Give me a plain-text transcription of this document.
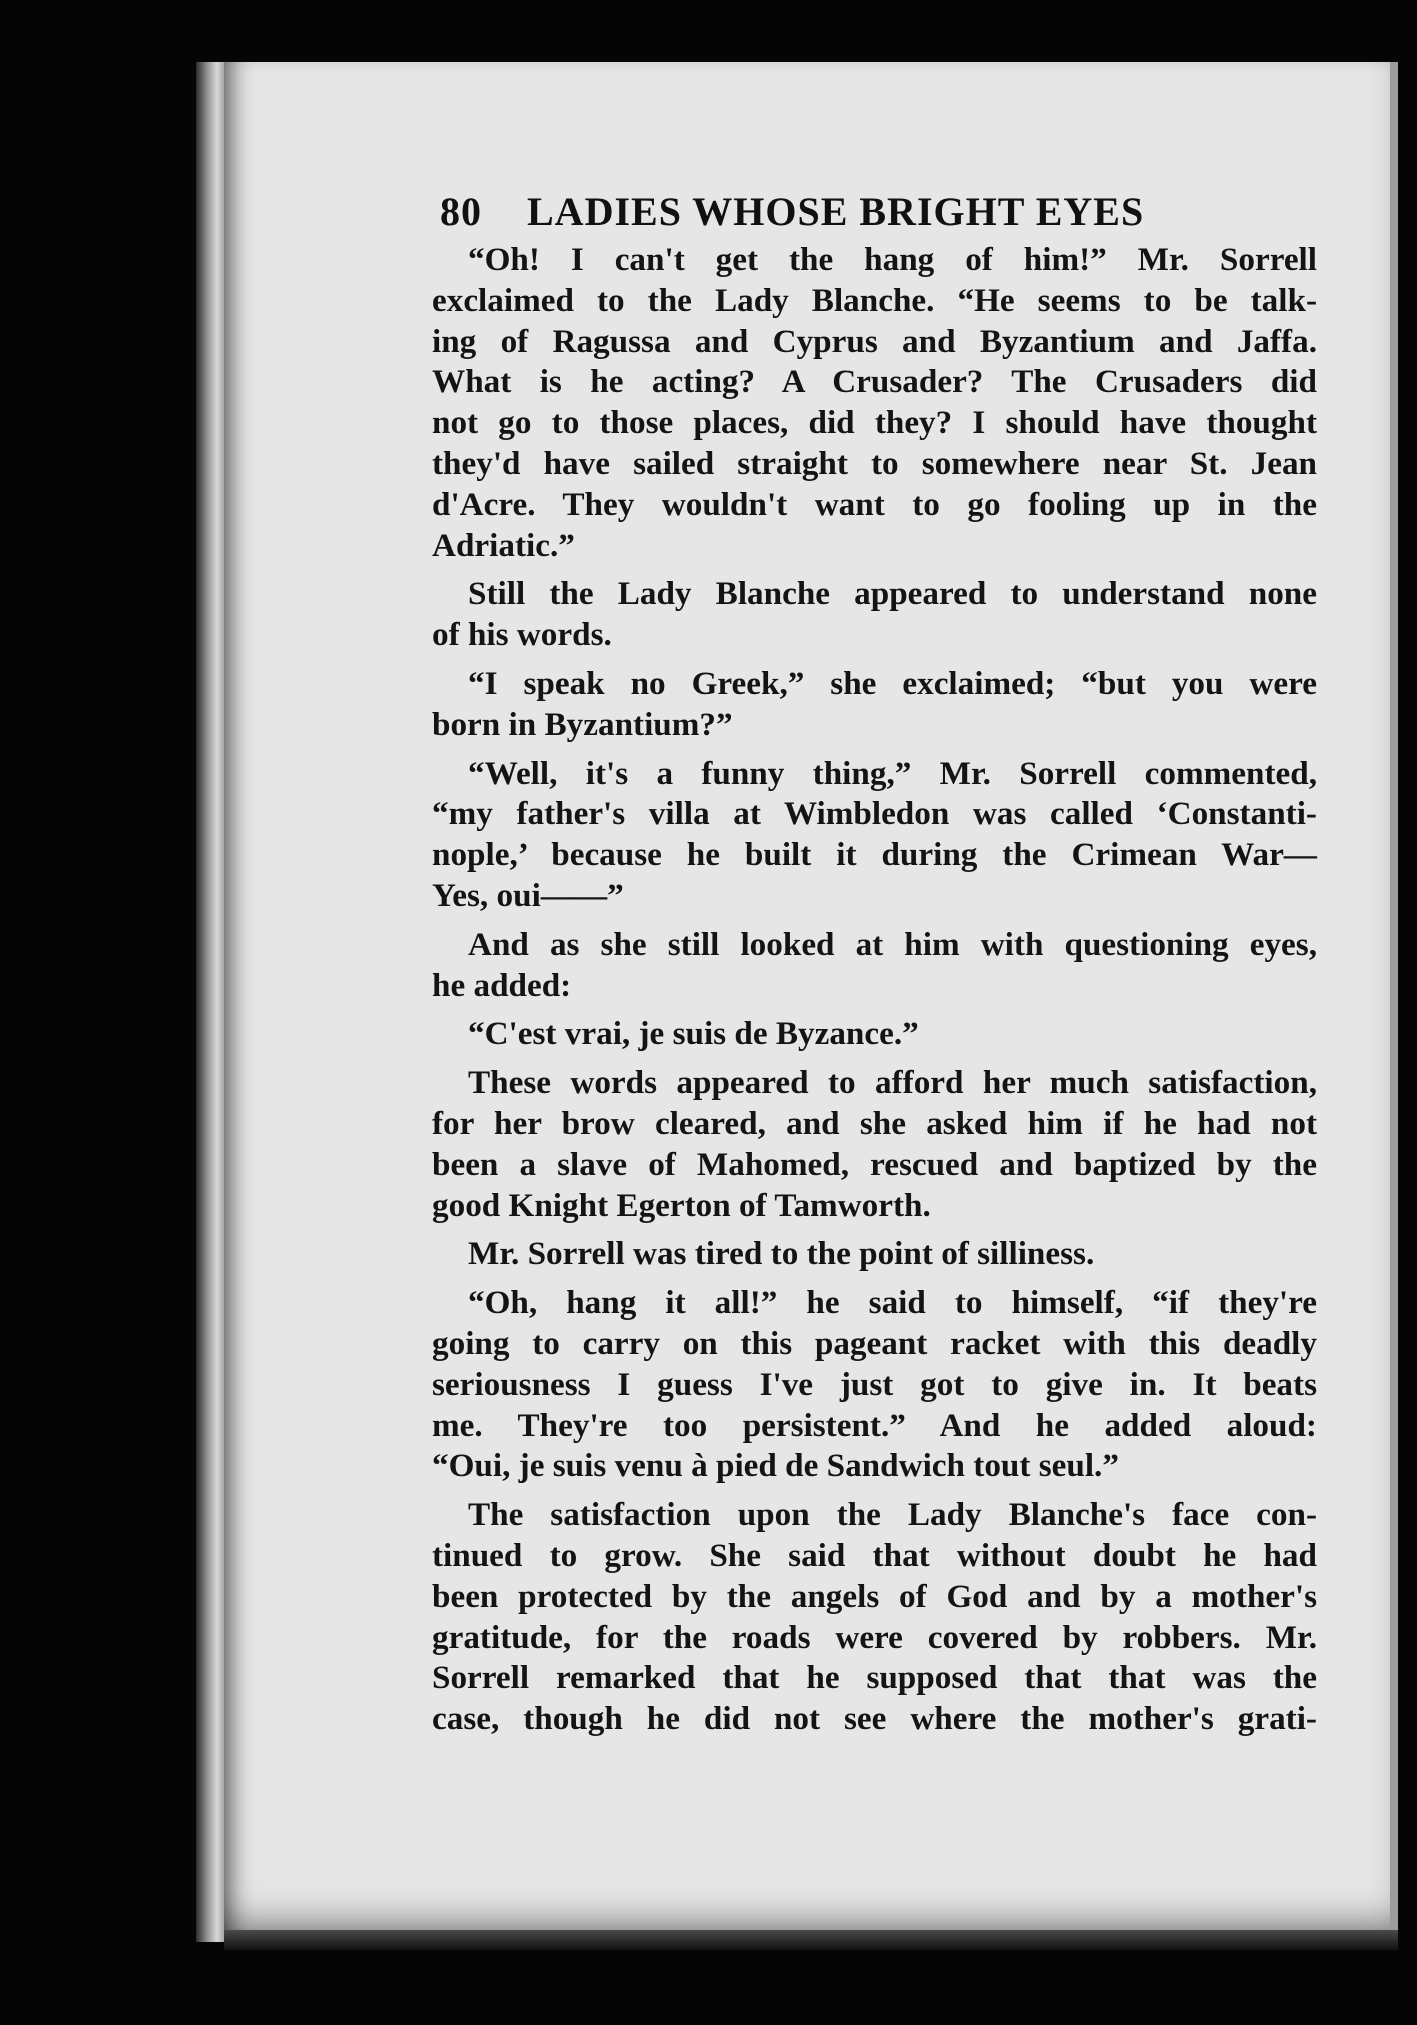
80 LADIES WHOSE BRIGHT EYES
“Oh! I can't get the hang of him!” Mr. Sorrell
exclaimed to the Lady Blanche. “He seems to be talk-
ing of Ragussa and Cyprus and Byzantium and Jaffa.
What is he acting? A Crusader? The Crusaders did
not go to those places, did they? I should have thought
they'd have sailed straight to somewhere near St. Jean
d'Acre. They wouldn't want to go fooling up in the
Adriatic.”
Still the Lady Blanche appeared to understand none
of his words.
“I speak no Greek,” she exclaimed; “but you were
born in Byzantium?”
“Well, it's a funny thing,” Mr. Sorrell commented,
“my father's villa at Wimbledon was called ‘Constanti-
nople,’ because he built it during the Crimean War—
Yes, oui——”
And as she still looked at him with questioning eyes,
he added:
“C'est vrai, je suis de Byzance.”
These words appeared to afford her much satisfaction,
for her brow cleared, and she asked him if he had not
been a slave of Mahomed, rescued and baptized by the
good Knight Egerton of Tamworth.
Mr. Sorrell was tired to the point of silliness.
“Oh, hang it all!” he said to himself, “if they're
going to carry on this pageant racket with this deadly
seriousness I guess I've just got to give in. It beats
me. They're too persistent.” And he added aloud:
“Oui, je suis venu à pied de Sandwich tout seul.”
The satisfaction upon the Lady Blanche's face con-
tinued to grow. She said that without doubt he had
been protected by the angels of God and by a mother's
gratitude, for the roads were covered by robbers. Mr.
Sorrell remarked that he supposed that that was the
case, though he did not see where the mother's grati-
